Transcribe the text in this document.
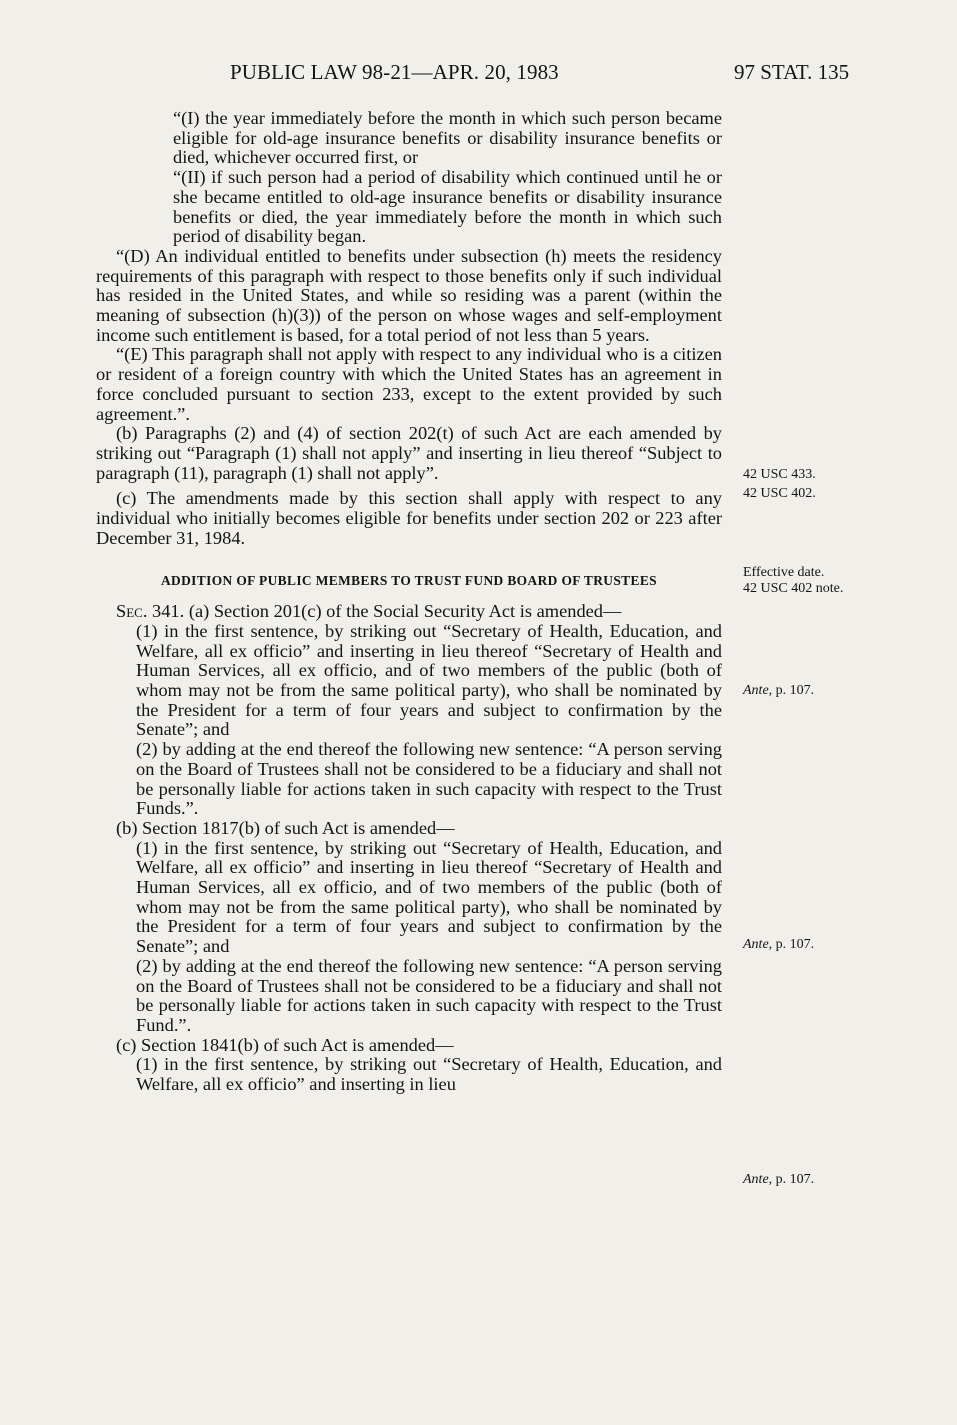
PUBLIC LAW 98-21—APR. 20, 1983	97 STAT. 135

“(I) the year immediately before the month in which such person became eligible for old-age insurance benefits or disability insurance benefits or died, whichever occurred first, or

“(II) if such person had a period of disability which continued until he or she became entitled to old-age insurance benefits or disability insurance benefits or died, the year immediately before the month in which such period of disability began.

“(D) An individual entitled to benefits under subsection (h) meets the residency requirements of this paragraph with respect to those benefits only if such individual has resided in the United States, and while so residing was a parent (within the meaning of subsection (h)(3)) of the person on whose wages and self-employment income such entitlement is based, for a total period of not less than 5 years.

“(E) This paragraph shall not apply with respect to any individual who is a citizen or resident of a foreign country with which the United States has an agreement in force concluded pursuant to section 233, except to the extent provided by such agreement.”.

(b) Paragraphs (2) and (4) of section 202(t) of such Act are each amended by striking out “Paragraph (1) shall not apply” and inserting in lieu thereof “Subject to paragraph (11), paragraph (1) shall not apply”.

(c) The amendments made by this section shall apply with respect to any individual who initially becomes eligible for benefits under section 202 or 223 after December 31, 1984.

ADDITION OF PUBLIC MEMBERS TO TRUST FUND BOARD OF TRUSTEES

Sec. 341. (a) Section 201(c) of the Social Security Act is amended—

(1) in the first sentence, by striking out “Secretary of Health, Education, and Welfare, all ex officio” and inserting in lieu thereof “Secretary of Health and Human Services, all ex officio, and of two members of the public (both of whom may not be from the same political party), who shall be nominated by the President for a term of four years and subject to confirmation by the Senate”; and

(2) by adding at the end thereof the following new sentence: “A person serving on the Board of Trustees shall not be considered to be a fiduciary and shall not be personally liable for actions taken in such capacity with respect to the Trust Funds.”.

(b) Section 1817(b) of such Act is amended—

(1) in the first sentence, by striking out “Secretary of Health, Education, and Welfare, all ex officio” and inserting in lieu thereof “Secretary of Health and Human Services, all ex officio, and of two members of the public (both of whom may not be from the same political party), who shall be nominated by the President for a term of four years and subject to confirmation by the Senate”; and

(2) by adding at the end thereof the following new sentence: “A person serving on the Board of Trustees shall not be considered to be a fiduciary and shall not be personally liable for actions taken in such capacity with respect to the Trust Fund.”.

(c) Section 1841(b) of such Act is amended—

(1) in the first sentence, by striking out “Secretary of Health, Education, and Welfare, all ex officio” and inserting in lieu

42 USC 433.
42 USC 402.
Effective date.
42 USC 402 note.
Ante, p. 107.
Ante, p. 107.
Ante, p. 107.
